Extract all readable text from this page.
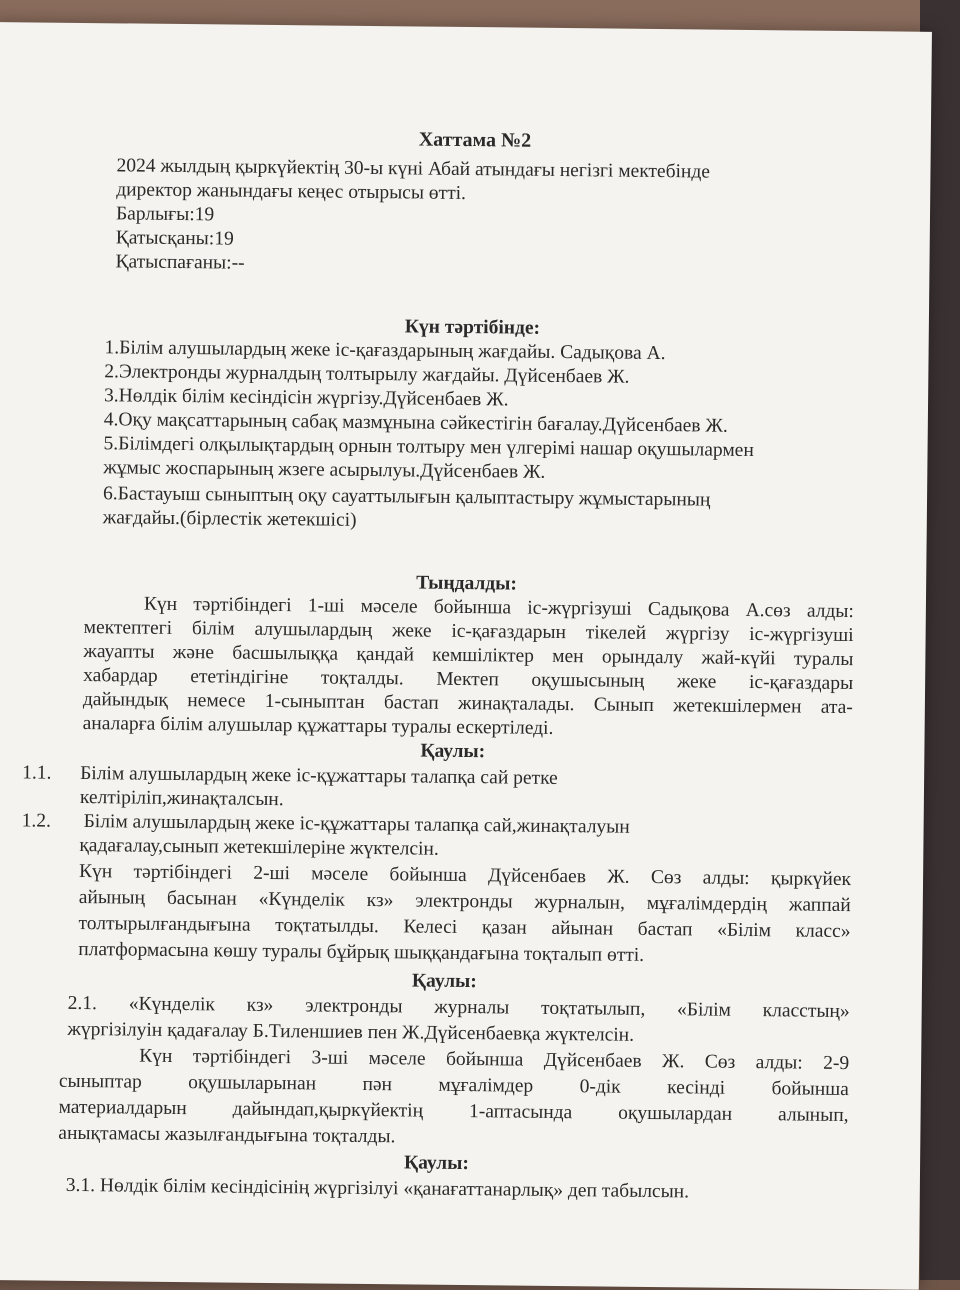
Хаттама №2
2024 жылдың қыркүйектің 30-ы күні Абай атындағы негізгі мектебінде
директор жанындағы кеңес отырысы өтті.
Барлығы:19
Қатысқаны:19
Қатыспағаны:--
Күн тәртібінде:
1.Білім алушылардың жеке іс-қағаздарының жағдайы. Садықова А.
2.Электронды журналдың толтырылу жағдайы. Дүйсенбаев Ж.
3.Нөлдік білім кесіндісін жүргізу.Дүйсенбаев Ж.
4.Оқу мақсаттарының сабақ мазмұнына сәйкестігін бағалау.Дүйсенбаев Ж.
5.Білімдегі олқылықтардың орнын толтыру мен үлгерімі нашар оқушылармен
жұмыс жоспарының жзеге асырылуы.Дүйсенбаев Ж.
6.Бастауыш сыныптың оқу сауаттылығын қалыптастыру жұмыстарының
жағдайы.(бірлестік жетекшісі)
Тыңдалды:
Күн тәртібіндегі 1-ші мәселе бойынша іс-жүргізуші Садықова А.сөз алды:
мектептегі білім алушылардың жеке іс-қағаздарын тікелей жүргізу іс-жүргізуші
жауапты және басшылыққа қандай кемшіліктер мен орындалу жай-күйі туралы
хабардар ететіндігіне тоқталды. Мектеп оқушысының жеке іс-қағаздары
дайындық немесе 1-сыныптан бастап жинақталады. Сынып жетекшілермен ата-
аналарға білім алушылар құжаттары туралы ескертіледі.
Қаулы:
1.1. Білім алушылардың жеке іс-құжаттары талапқа сай ретке
келтіріліп,жинақталсын.
1.2. Білім алушылардың жеке іс-құжаттары талапқа сай,жинақталуын
қадағалау,сынып жетекшілеріне жүктелсін.
Күн тәртібіндегі 2-ші мәселе бойынша Дүйсенбаев Ж. Сөз алды: қыркүйек
айының басынан «Күнделік кз» электронды журналын, мұғалімдердің жаппай
толтырылғандығына тоқтатылды. Келесі қазан айынан бастап «Білім класс»
платформасына көшу туралы бұйрық шыққандағына тоқталып өтті.
Қаулы:
2.1. «Күнделік кз» электронды журналы тоқтатылып, «Білім класстың»
жүргізілуін қадағалау Б.Тиленшиев пен Ж.Дүйсенбаевқа жүктелсін.
Күн тәртібіндегі 3-ші мәселе бойынша Дүйсенбаев Ж. Сөз алды: 2-9
сыныптар оқушыларынан пән мұғалімдер 0-дік кесінді бойынша
материалдарын дайындап,қыркүйектің 1-аптасында оқушылардан алынып,
анықтамасы жазылғандығына тоқталды.
Қаулы:
3.1. Нөлдік білім кесіндісінің жүргізілуі «қанағаттанарлық» деп табылсын.
